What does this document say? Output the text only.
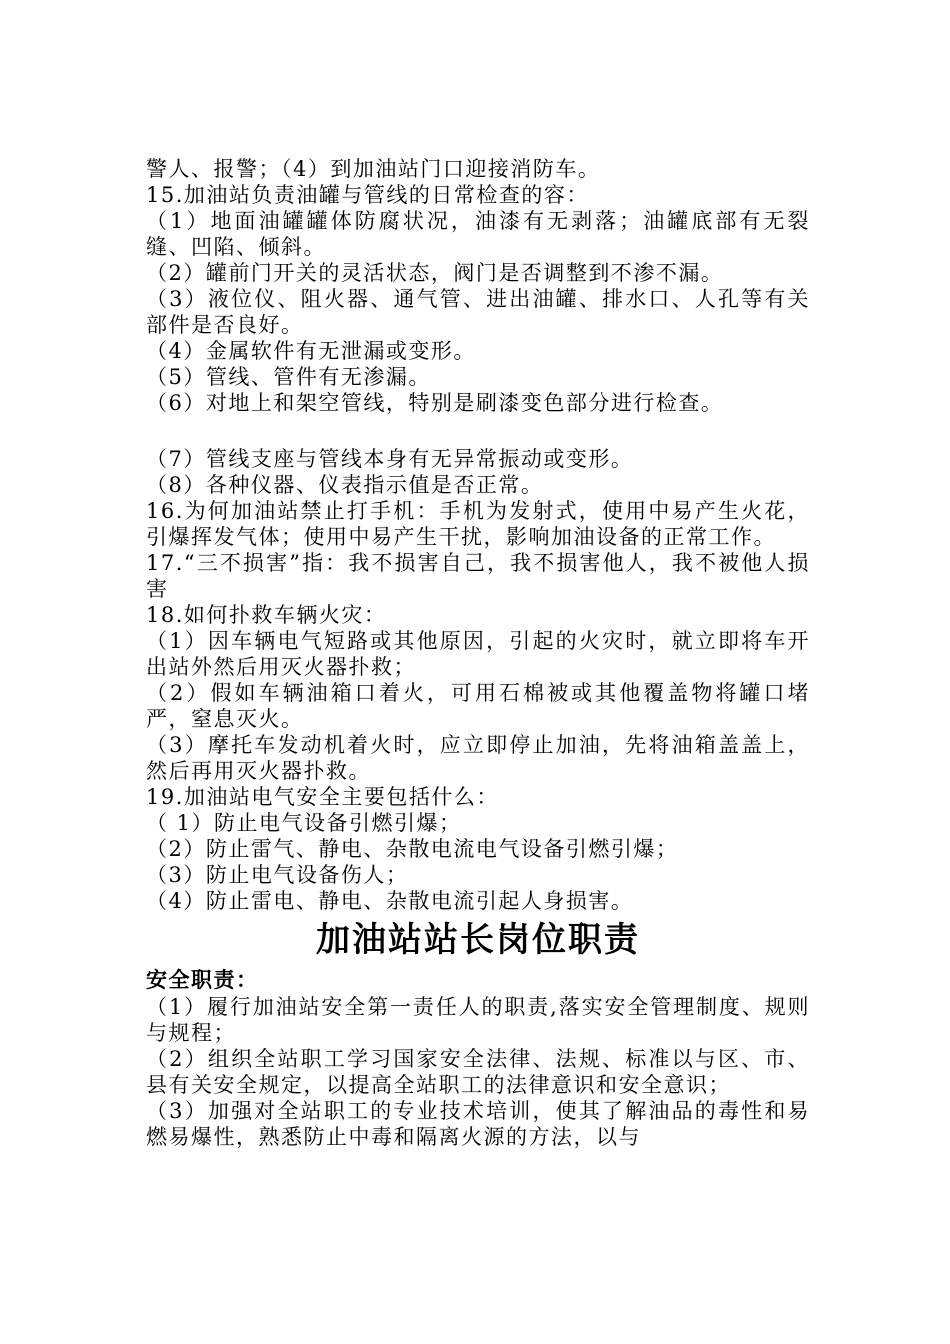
警人、报警；（4）到加油站门口迎接消防车。

15.加油站负责油罐与管线的日常检查的容：

（1）地面油罐罐体防腐状况，油漆有无剥落；油罐底部有无裂缝、凹陷、倾斜。

（2）罐前门开关的灵活状态，阀门是否调整到不渗不漏。

（3）液位仪、阻火器、通气管、进出油罐、排水口、人孔等有关部件是否良好。

（4）金属软件有无泄漏或变形。

（5）管线、管件有无渗漏。

（6）对地上和架空管线，特别是刷漆变色部分进行检查。

（7）管线支座与管线本身有无异常振动或变形。

（8）各种仪器、仪表指示值是否正常。

16.为何加油站禁止打手机：手机为发射式，使用中易产生火花，引爆挥发气体；使用中易产生干扰，影响加油设备的正常工作。

17.“三不损害”指：我不损害自己，我不损害他人，我不被他人损害

18.如何扑救车辆火灾：

（1）因车辆电气短路或其他原因，引起的火灾时，就立即将车开出站外然后用灭火器扑救；

（2）假如车辆油箱口着火，可用石棉被或其他覆盖物将罐口堵严，窒息灭火。

（3）摩托车发动机着火时，应立即停止加油，先将油箱盖盖上，然后再用灭火器扑救。

19.加油站电气安全主要包括什么：

（ 1）防止电气设备引燃引爆；

（2）防止雷气、静电、杂散电流电气设备引燃引爆；

（3）防止电气设备伤人；

（4）防止雷电、静电、杂散电流引起人身损害。

加油站站长岗位职责

安全职责：

（1）履行加油站安全第一责任人的职责,落实安全管理制度、规则与规程；

（2）组织全站职工学习国家安全法律、法规、标准以与区、市、县有关安全规定，以提高全站职工的法律意识和安全意识；

（3）加强对全站职工的专业技术培训，使其了解油品的毒性和易燃易爆性，熟悉防止中毒和隔离火源的方法，以与
